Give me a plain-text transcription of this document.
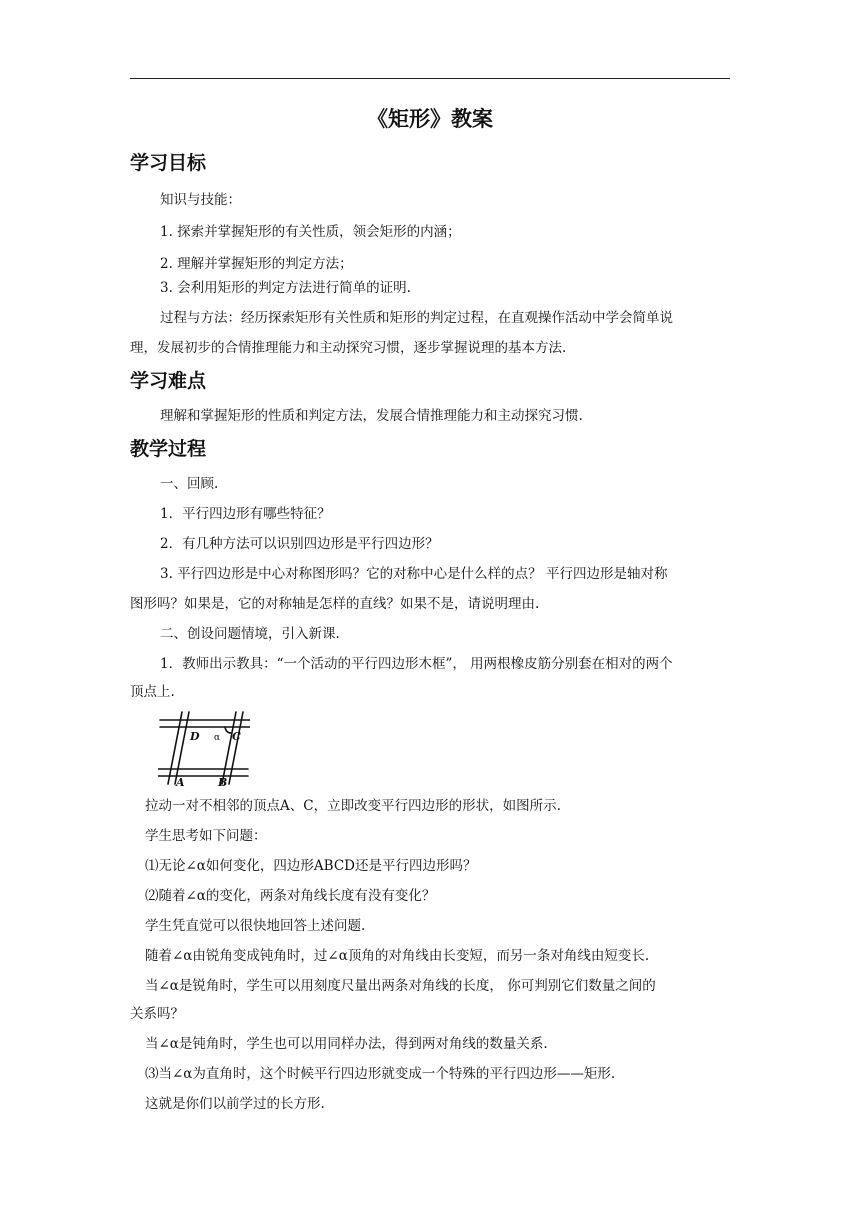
《矩形》教案
学习目标
知识与技能：
1. 探索并掌握矩形的有关性质，领会矩形的内涵；
2. 理解并掌握矩形的判定方法；
3. 会利用矩形的判定方法进行简单的证明.
过程与方法：经历探索矩形有关性质和矩形的判定过程，在直观操作活动中学会简单说
理，发展初步的合情推理能力和主动探究习惯，逐步掌握说理的基本方法.
学习难点
理解和掌握矩形的性质和判定方法，发展合情推理能力和主动探究习惯.
教学过程
一、回顾.
1．平行四边形有哪些特征？
2．有几种方法可以识别四边形是平行四边形？
3. 平行四边形是中心对称图形吗？它的对称中心是什么样的点？ 平行四边形是轴对称
图形吗？如果是，它的对称轴是怎样的直线？如果不是，请说明理由.
二、创设问题情境，引入新课.
1．教师出示教具：“一个活动的平行四边形木框”， 用两根橡皮筋分别套在相对的两个
顶点上.
D α C
A	B
拉动一对不相邻的顶点A、C，立即改变平行四边形的形状，如图所示.
学生思考如下问题：
⑴无论∠α如何变化，四边形ABCD还是平行四边形吗？
⑵随着∠α的变化，两条对角线长度有没有变化？
学生凭直觉可以很快地回答上述问题.
随着∠α由锐角变成钝角时，过∠α顶角的对角线由长变短，而另一条对角线由短变长.
当∠α是锐角时，学生可以用刻度尺量出两条对角线的长度， 你可判别它们数量之间的
关系吗？
当∠α是钝角时，学生也可以用同样办法，得到两对角线的数量关系.
⑶当∠α为直角时，这个时候平行四边形就变成一个特殊的平行四边形——矩形.
这就是你们以前学过的长方形.
